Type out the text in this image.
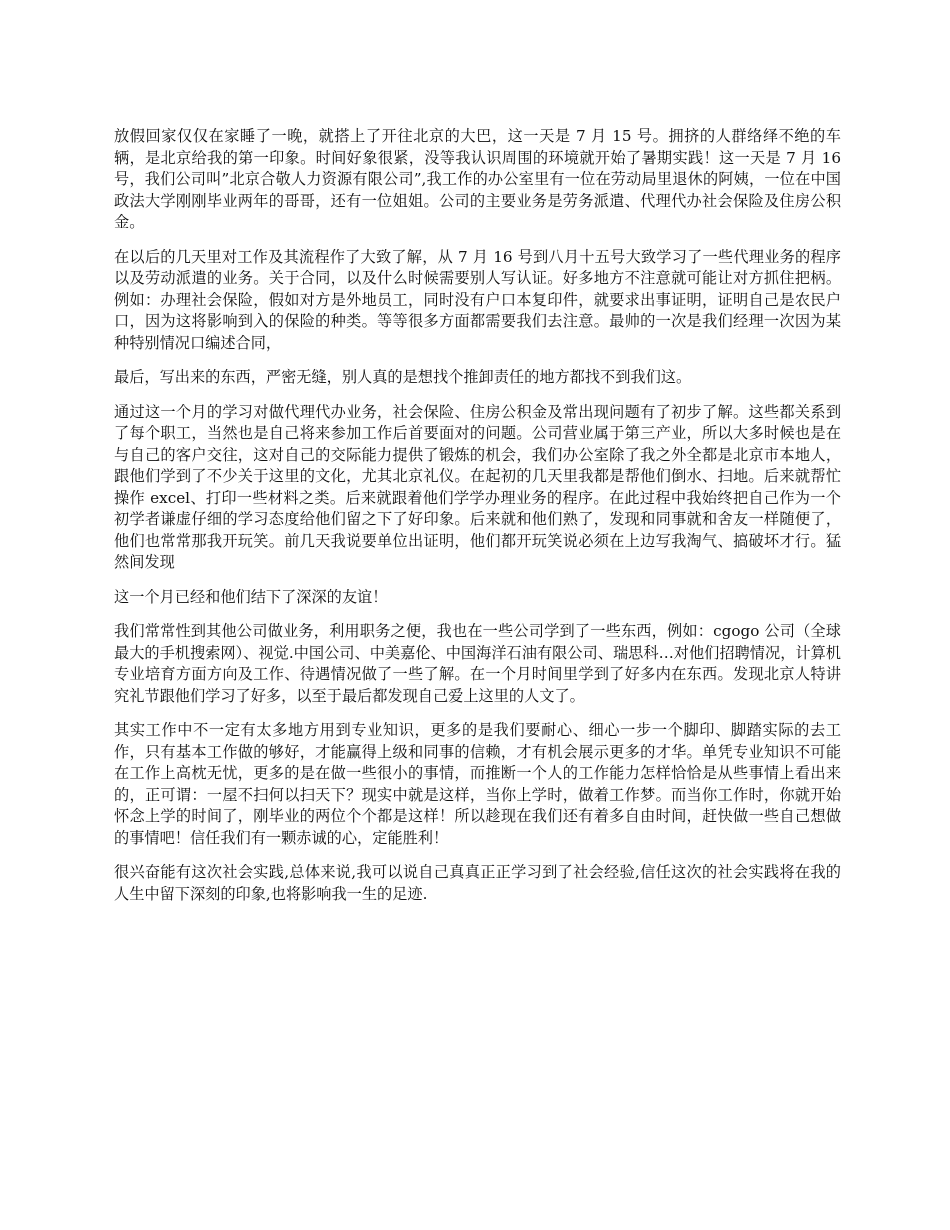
放假回家仅仅在家睡了一晚，就搭上了开往北京的大巴，这一天是 7 月 15 号。拥挤的人群络绎不绝的车辆，是北京给我的第一印象。时间好象很紧，没等我认识周围的环境就开始了暑期实践！这一天是 7 月 16 号，我们公司叫”北京合敬人力资源有限公司”,我工作的办公室里有一位在劳动局里退休的阿姨，一位在中国政法大学刚刚毕业两年的哥哥，还有一位姐姐。公司的主要业务是劳务派遣、代理代办社会保险及住房公积金。

在以后的几天里对工作及其流程作了大致了解，从 7 月 16 号到八月十五号大致学习了一些代理业务的程序以及劳动派遣的业务。关于合同，以及什么时候需要别人写认证。好多地方不注意就可能让对方抓住把柄。例如：办理社会保险，假如对方是外地员工，同时没有户口本复印件，就要求出事证明，证明自己是农民户口，因为这将影响到入的保险的种类。等等很多方面都需要我们去注意。最帅的一次是我们经理一次因为某种特别情况口编述合同，

最后，写出来的东西，严密无缝，别人真的是想找个推卸责任的地方都找不到我们这。

通过这一个月的学习对做代理代办业务，社会保险、住房公积金及常出现问题有了初步了解。这些都关系到了每个职工，当然也是自己将来参加工作后首要面对的问题。公司营业属于第三产业，所以大多时候也是在与自己的客户交往，这对自己的交际能力提供了锻炼的机会，我们办公室除了我之外全都是北京市本地人，跟他们学到了不少关于这里的文化，尤其北京礼仪。在起初的几天里我都是帮他们倒水、扫地。后来就帮忙操作 excel、打印一些材料之类。后来就跟着他们学学办理业务的程序。在此过程中我始终把自己作为一个初学者谦虚仔细的学习态度给他们留之下了好印象。后来就和他们熟了，发现和同事就和舍友一样随便了，他们也常常那我开玩笑。前几天我说要单位出证明，他们都开玩笑说必须在上边写我淘气、搞破坏才行。猛然间发现

这一个月已经和他们结下了深深的友谊！

我们常常性到其他公司做业务，利用职务之便，我也在一些公司学到了一些东西，例如：cgogo 公司（全球最大的手机搜索网）、视觉.中国公司、中美嘉伦、中国海洋石油有限公司、瑞思科…对他们招聘情况，计算机专业培育方面方向及工作、待遇情况做了一些了解。在一个月时间里学到了好多内在东西。发现北京人特讲究礼节跟他们学习了好多，以至于最后都发现自己爱上这里的人文了。

其实工作中不一定有太多地方用到专业知识，更多的是我们要耐心、细心一步一个脚印、脚踏实际的去工作，只有基本工作做的够好，才能赢得上级和同事的信赖，才有机会展示更多的才华。单凭专业知识不可能在工作上高枕无忧，更多的是在做一些很小的事情，而推断一个人的工作能力怎样恰恰是从些事情上看出来的，正可谓：一屋不扫何以扫天下？现实中就是这样，当你上学时，做着工作梦。而当你工作时，你就开始怀念上学的时间了，刚毕业的两位个个都是这样！所以趁现在我们还有着多自由时间，赶快做一些自己想做的事情吧！信任我们有一颗赤诚的心，定能胜利！

很兴奋能有这次社会实践,总体来说,我可以说自己真真正正学习到了社会经验,信任这次的社会实践将在我的人生中留下深刻的印象,也将影响我一生的足迹.
